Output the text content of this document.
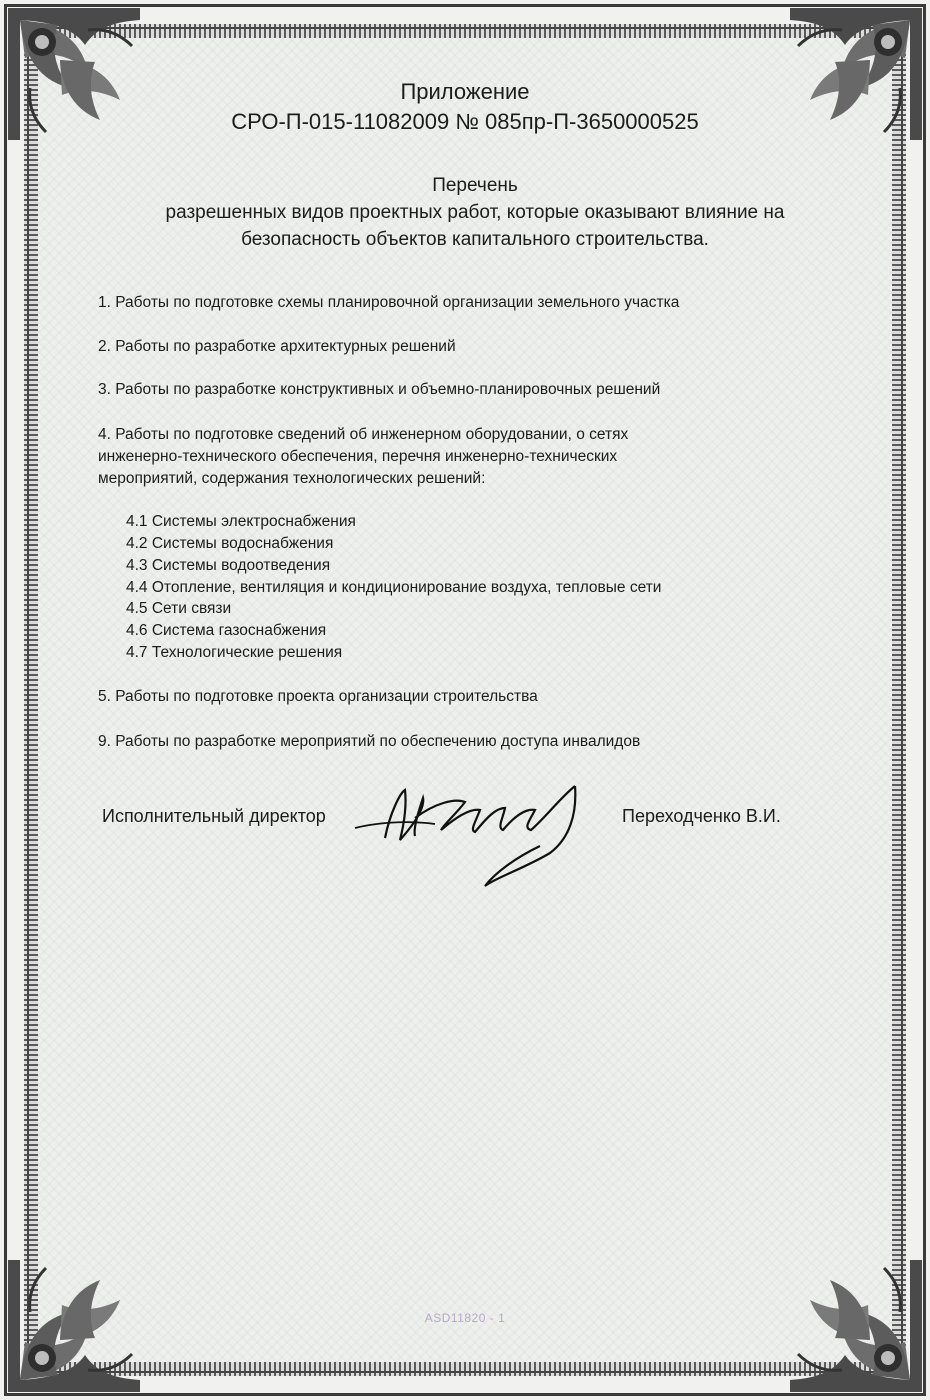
Приложение
СРО-П-015-11082009 № 085пр-П-3650000525
Перечень
разрешенных видов проектных работ, которые оказывают влияние на
безопасность объектов капитального строительства.
1. Работы по подготовке схемы планировочной организации земельного участка
2. Работы по разработке архитектурных решений
3. Работы по разработке конструктивных и объемно-планировочных решений
4. Работы по подготовке сведений об инженерном оборудовании, о сетях
инженерно-технического обеспечения, перечня инженерно-технических
мероприятий, содержания технологических решений:
4.1 Системы электроснабжения
4.2 Системы водоснабжения
4.3 Системы водоотведения
4.4 Отопление, вентиляция и кондиционирование воздуха, тепловые сети
4.5 Сети связи
4.6 Система газоснабжения
4.7 Технологические решения
5. Работы по подготовке проекта организации строительства
9. Работы по разработке мероприятий по обеспечению доступа инвалидов
Исполнительный директор	ВПерехоеч	Переходченко В.И.
ASD11820 - 1
